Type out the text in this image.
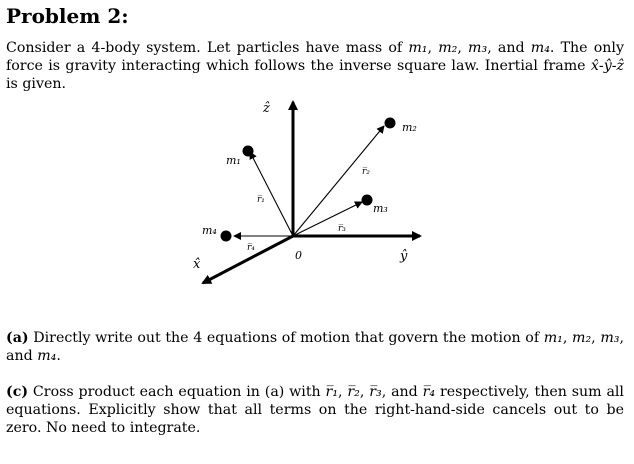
Problem 2:
Consider a 4-body system. Let particles have mass of m₁, m₂, m₃, and m₄. The only force is gravity interacting which follows the inverse square law. Inertial frame x̂-ŷ-ẑ is given.
ẑ
x̂
ŷ
0
m₁
m₂
m₃
m₄
r̅₁
r̅₂
r̅₃
r̅₄
(a) Directly write out the 4 equations of motion that govern the motion of m₁, m₂, m₃, and m₄.
(c) Cross product each equation in (a) with r̅₁, r̅₂, r̅₃, and r̅₄ respectively, then sum all equations. Explicitly show that all terms on the right-hand-side cancels out to be zero. No need to integrate.
